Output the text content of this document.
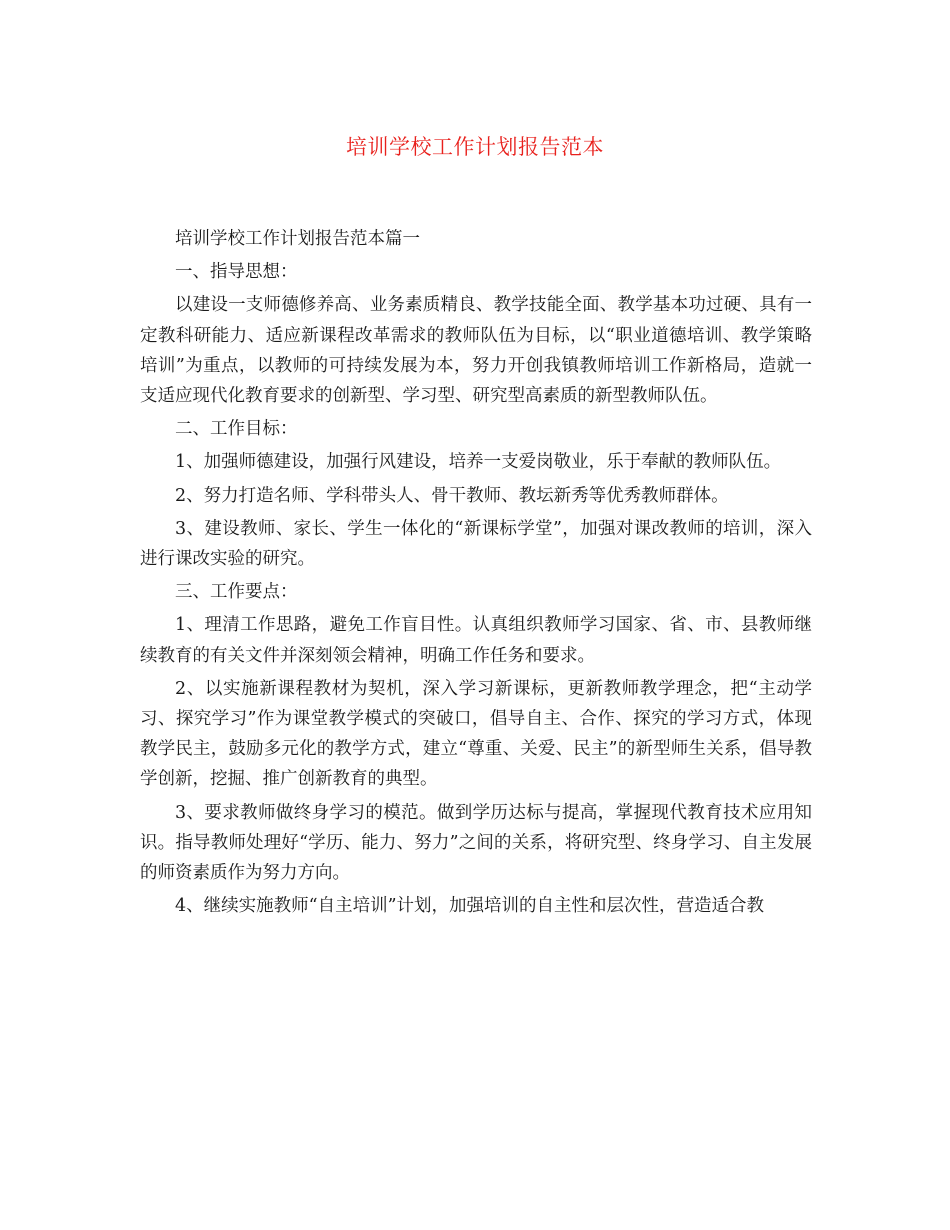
培训学校工作计划报告范本

培训学校工作计划报告范本篇一

一、指导思想：

以建设一支师德修养高、业务素质精良、教学技能全面、教学基本功过硬、具有一定教科研能力、适应新课程改革需求的教师队伍为目标，以“职业道德培训、教学策略培训”为重点，以教师的可持续发展为本，努力开创我镇教师培训工作新格局，造就一支适应现代化教育要求的创新型、学习型、研究型高素质的新型教师队伍。

二、工作目标：

1、加强师德建设，加强行风建设，培养一支爱岗敬业，乐于奉献的教师队伍。

2、努力打造名师、学科带头人、骨干教师、教坛新秀等优秀教师群体。

3、建设教师、家长、学生一体化的“新课标学堂”，加强对课改教师的培训，深入进行课改实验的研究。

三、工作要点：

1、理清工作思路，避免工作盲目性。认真组织教师学习国家、省、市、县教师继续教育的有关文件并深刻领会精神，明确工作任务和要求。

2、以实施新课程教材为契机，深入学习新课标，更新教师教学理念，把“主动学习、探究学习”作为课堂教学模式的突破口，倡导自主、合作、探究的学习方式，体现教学民主，鼓励多元化的教学方式，建立“尊重、关爱、民主”的新型师生关系，倡导教学创新，挖掘、推广创新教育的典型。

3、要求教师做终身学习的模范。做到学历达标与提高，掌握现代教育技术应用知识。指导教师处理好“学历、能力、努力”之间的关系，将研究型、终身学习、自主发展的师资素质作为努力方向。

4、继续实施教师“自主培训”计划，加强培训的自主性和层次性，营造适合教
